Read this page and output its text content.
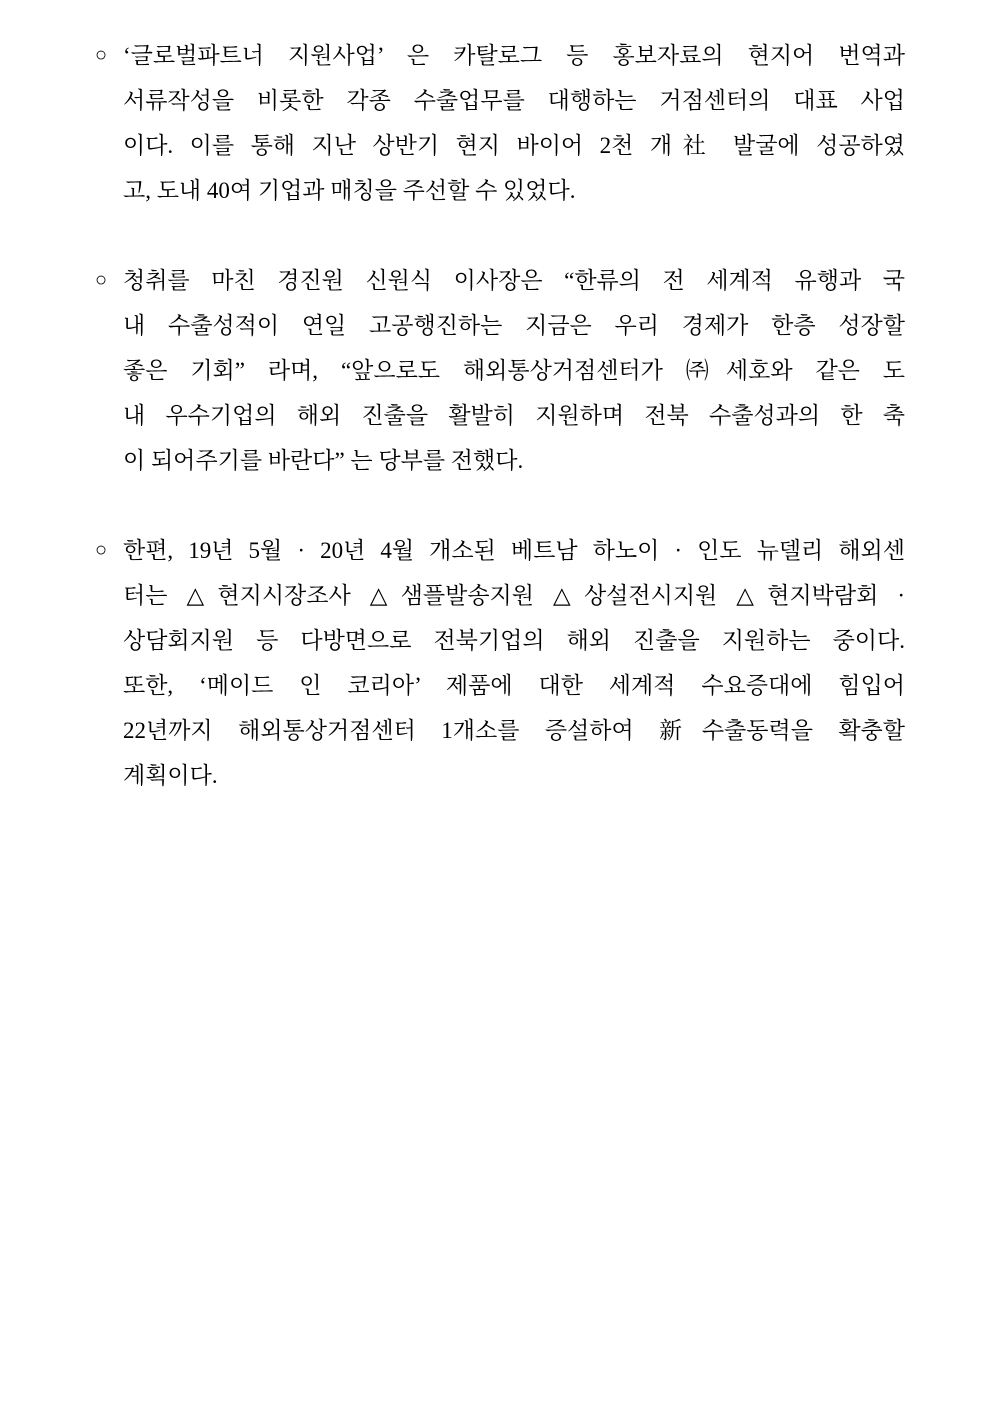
○ ‘글로벌파트너 지원사업’ 은 카탈로그 등 홍보자료의 현지어 번역과
서류작성을 비롯한 각종 수출업무를 대행하는 거점센터의 대표 사업
이다. 이를 통해 지난 상반기 현지 바이어 2천 개社 발굴에 성공하였
고, 도내 40여 기업과 매칭을 주선할 수 있었다.
○ 청취를 마친 경진원 신원식 이사장은 “한류의 전 세계적 유행과 국
내 수출성적이 연일 고공행진하는 지금은 우리 경제가 한층 성장할
좋은 기회” 라며, “앞으로도 해외통상거점센터가 ㈜세호와 같은 도
내 우수기업의 해외 진출을 활발히 지원하며 전북 수출성과의 한 축
이 되어주기를 바란다” 는 당부를 전했다.
○ 한편, 19년 5월 · 20년 4월 개소된 베트남 하노이 · 인도 뉴델리 해외센
터는 △현지시장조사 △샘플발송지원 △상설전시지원 △현지박람회 ·
상담회지원 등 다방면으로 전북기업의 해외 진출을 지원하는 중이다.
또한, ‘메이드 인 코리아’ 제품에 대한 세계적 수요증대에 힘입어
22년까지 해외통상거점센터 1개소를 증설하여 新수출동력을 확충할
계획이다.
